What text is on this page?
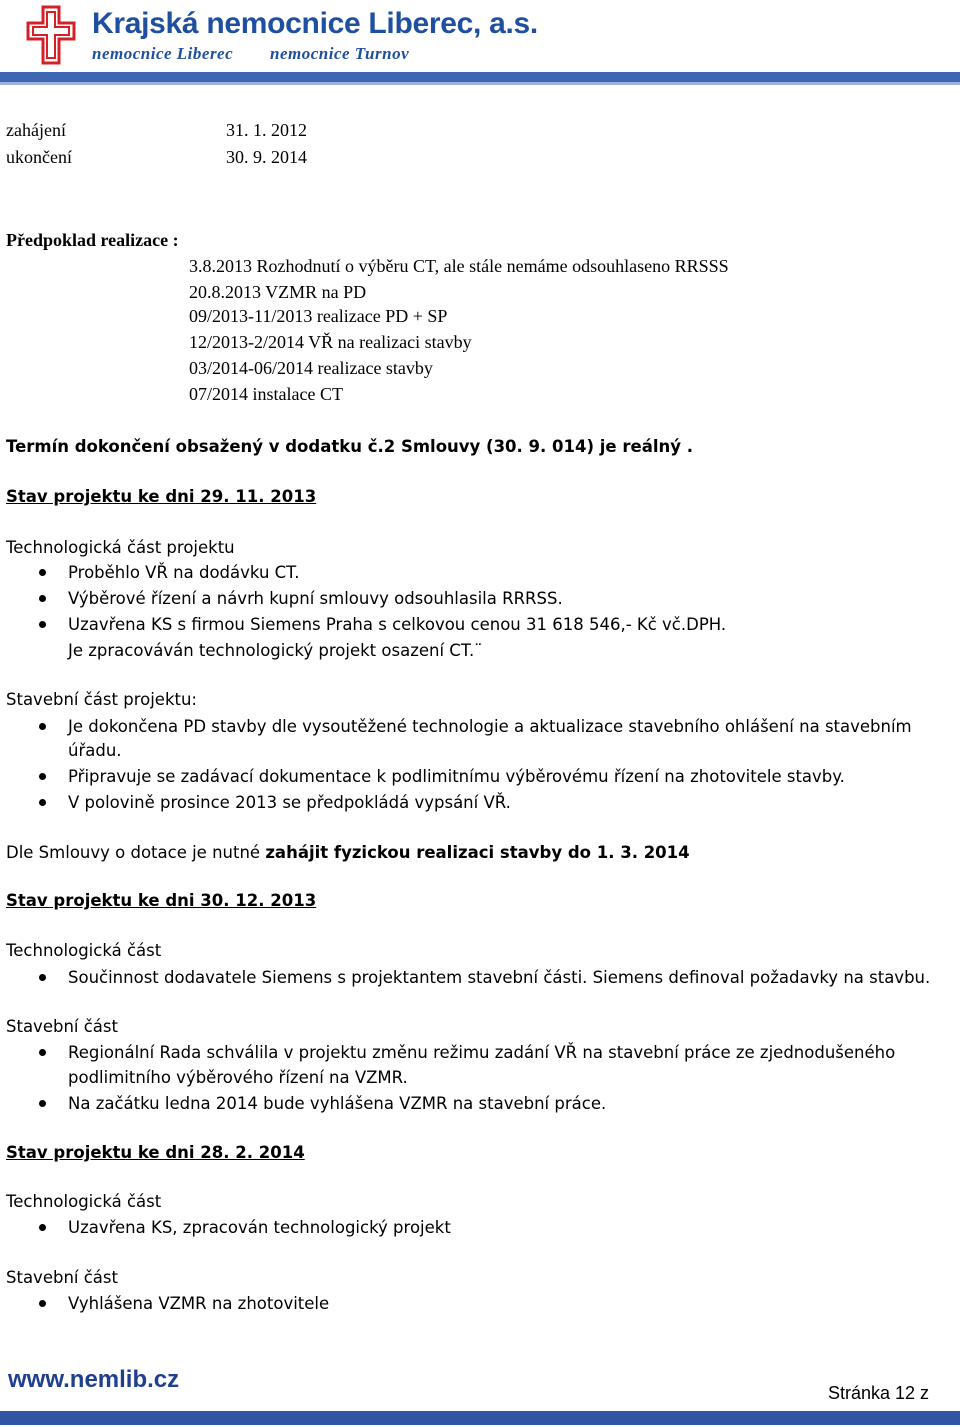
Krajská nemocnice Liberec, a.s.
nemocnice Liberec nemocnice Turnov
zahájení	31. 1. 2012
ukončení	30. 9. 2014
Předpoklad realizace :
3.8.2013 Rozhodnutí o výběru CT, ale stále nemáme odsouhlaseno RRSSS
20.8.2013 VZMR na PD
09/2013-11/2013 realizace PD + SP
12/2013-2/2014 VŘ na realizaci stavby
03/2014-06/2014 realizace stavby
07/2014 instalace CT
Termín dokončení obsažený v dodatku č.2 Smlouvy (30. 9. 014) je reálný .
Stav projektu ke dni 29. 11. 2013
Technologická část projektu
Proběhlo VŘ na dodávku CT.
Výběrové řízení a návrh kupní smlouvy odsouhlasila RRRSS.
Uzavřena KS s firmou Siemens Praha s celkovou cenou 31 618 546,- Kč vč.DPH.
Je zpracováván technologický projekt osazení CT.¨
Stavební část projektu:
Je dokončena PD stavby dle vysoutěžené technologie a aktualizace stavebního ohlášení na stavebním
úřadu.
Připravuje se zadávací dokumentace k podlimitnímu výběrovému řízení na zhotovitele stavby.
V polovině prosince 2013 se předpokládá vypsání VŘ.
Dle Smlouvy o dotace je nutné zahájit fyzickou realizaci stavby do 1. 3. 2014
Stav projektu ke dni 30. 12. 2013
Technologická část
Součinnost dodavatele Siemens s projektantem stavební části. Siemens definoval požadavky na stavbu.
Stavební část
Regionální Rada schválila v projektu změnu režimu zadání VŘ na stavební práce ze zjednodušeného
podlimitního výběrového řízení na VZMR.
Na začátku ledna 2014 bude vyhlášena VZMR na stavební práce.
Stav projektu ke dni 28. 2. 2014
Technologická část
Uzavřena KS, zpracován technologický projekt
Stavební část
Vyhlášena VZMR na zhotovitele
www.nemlib.cz	Stránka 12 z
